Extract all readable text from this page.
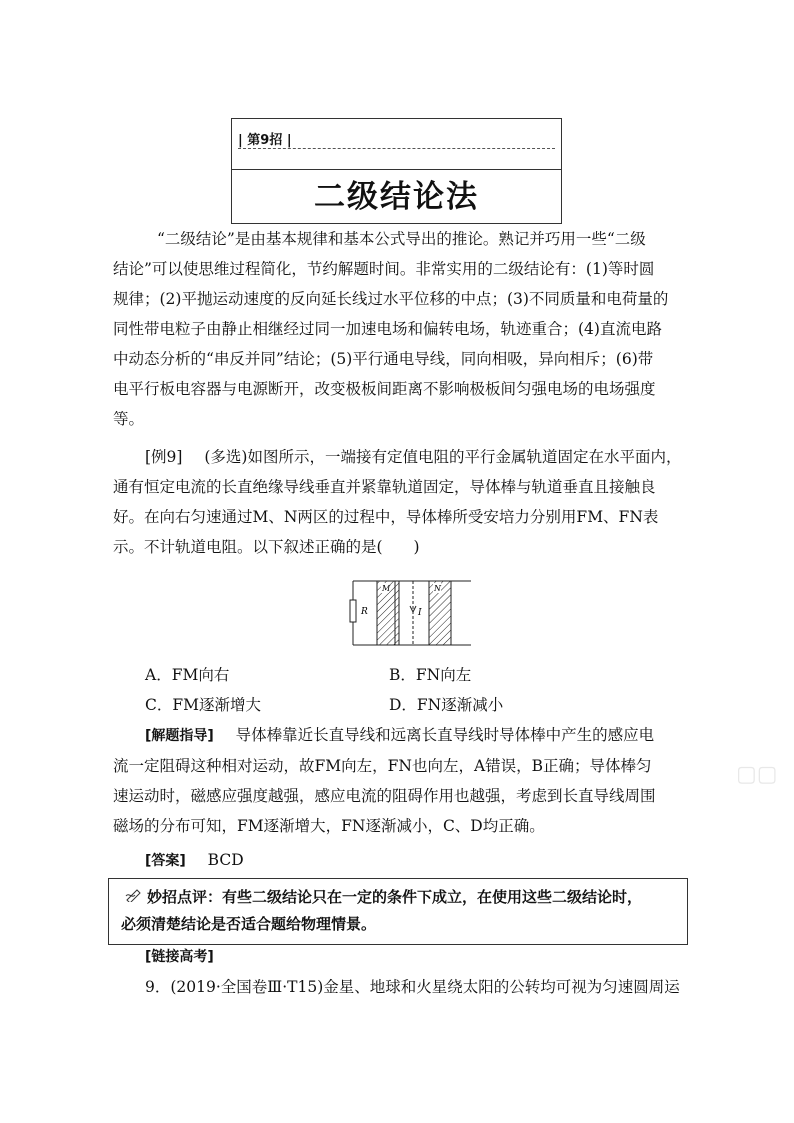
| 第9招 |
二级结论法
“二级结论”是由基本规律和基本公式导出的推论。熟记并巧用一些“二级
结论”可以使思维过程简化，节约解题时间。非常实用的二级结论有：(1)等时圆
规律；(2)平抛运动速度的反向延长线过水平位移的中点；(3)不同质量和电荷量的
同性带电粒子由静止相继经过同一加速电场和偏转电场，轨迹重合；(4)直流电路
中动态分析的“串反并同”结论；(5)平行通电导线，同向相吸，异向相斥；(6)带
电平行板电容器与电源断开，改变极板间距离不影响极板间匀强电场的电场强度
等。
[例9] (多选)如图所示，一端接有定值电阻的平行金属轨道固定在水平面内，
通有恒定电流的长直绝缘导线垂直并紧靠轨道固定，导体棒与轨道垂直且接触良
好。在向右匀速通过M、N两区的过程中，导体棒所受安培力分别用FM、FN表
示。不计轨道电阻。以下叙述正确的是(　　)
R
M	N
I
A．FM向右	B．FN向左
C．FM逐渐增大	D．FN逐渐减小
[解题指导] 导体棒靠近长直导线和远离长直导线时导体棒中产生的感应电
流一定阻碍这种相对运动，故FM向左，FN也向左，A错误，B正确；导体棒匀
速运动时，磁感应强度越强，感应电流的阻碍作用也越强，考虑到长直导线周围
磁场的分布可知，FM逐渐增大，FN逐渐减小，C、D均正确。
▢▢
[答案] BCD
妙招点评：有些二级结论只在一定的条件下成立，在使用这些二级结论时，
必须清楚结论是否适合题给物理情景。
[链接高考]
9．(2019·全国卷Ⅲ·T15)金星、地球和火星绕太阳的公转均可视为匀速圆周运
